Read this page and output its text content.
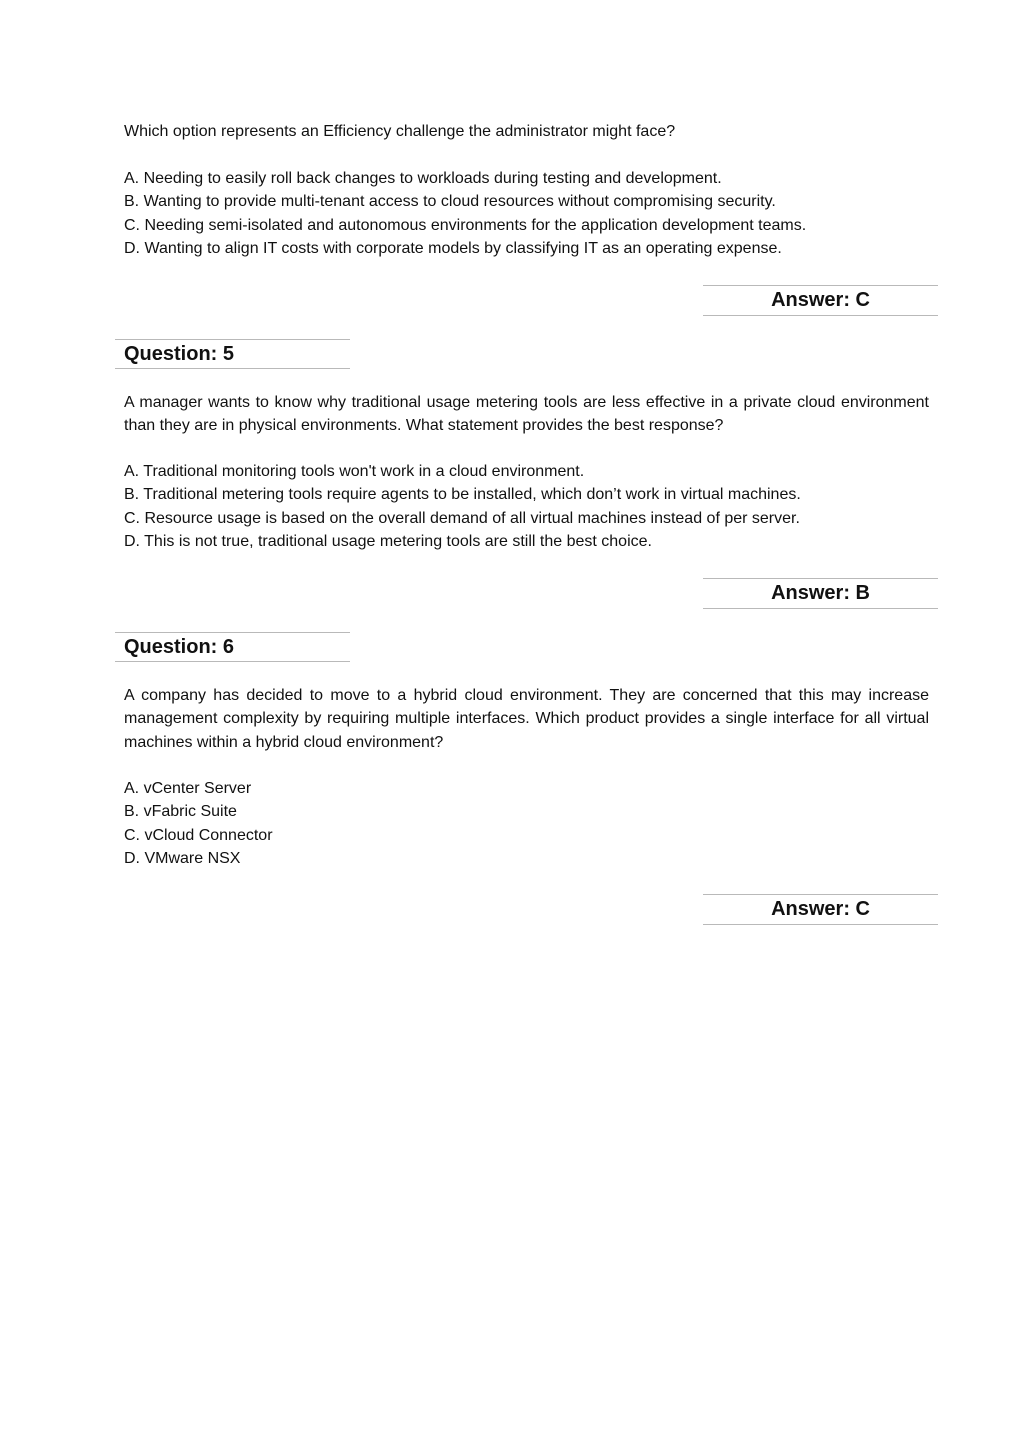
Which option represents an Efficiency challenge the administrator might face?

A. Needing to easily roll back changes to workloads during testing and development.
B. Wanting to provide multi-tenant access to cloud resources without compromising security.
C. Needing semi-isolated and autonomous environments for the application development teams.
D. Wanting to align IT costs with corporate models by classifying IT as an operating expense.
Answer: C
Question: 5

A manager wants to know why traditional usage metering tools are less effective in a private cloud environment than they are in physical environments. What statement provides the best response?

A. Traditional monitoring tools won't work in a cloud environment.
B. Traditional metering tools require agents to be installed, which don’t work in virtual machines.
C. Resource usage is based on the overall demand of all virtual machines instead of per server.
D. This is not true, traditional usage metering tools are still the best choice.
Answer: B
Question: 6

A company has decided to move to a hybrid cloud environment. They are concerned that this may increase management complexity by requiring multiple interfaces. Which product provides a single interface for all virtual machines within a hybrid cloud environment?

A. vCenter Server
B. vFabric Suite
C. vCloud Connector
D. VMware NSX
Answer: C
